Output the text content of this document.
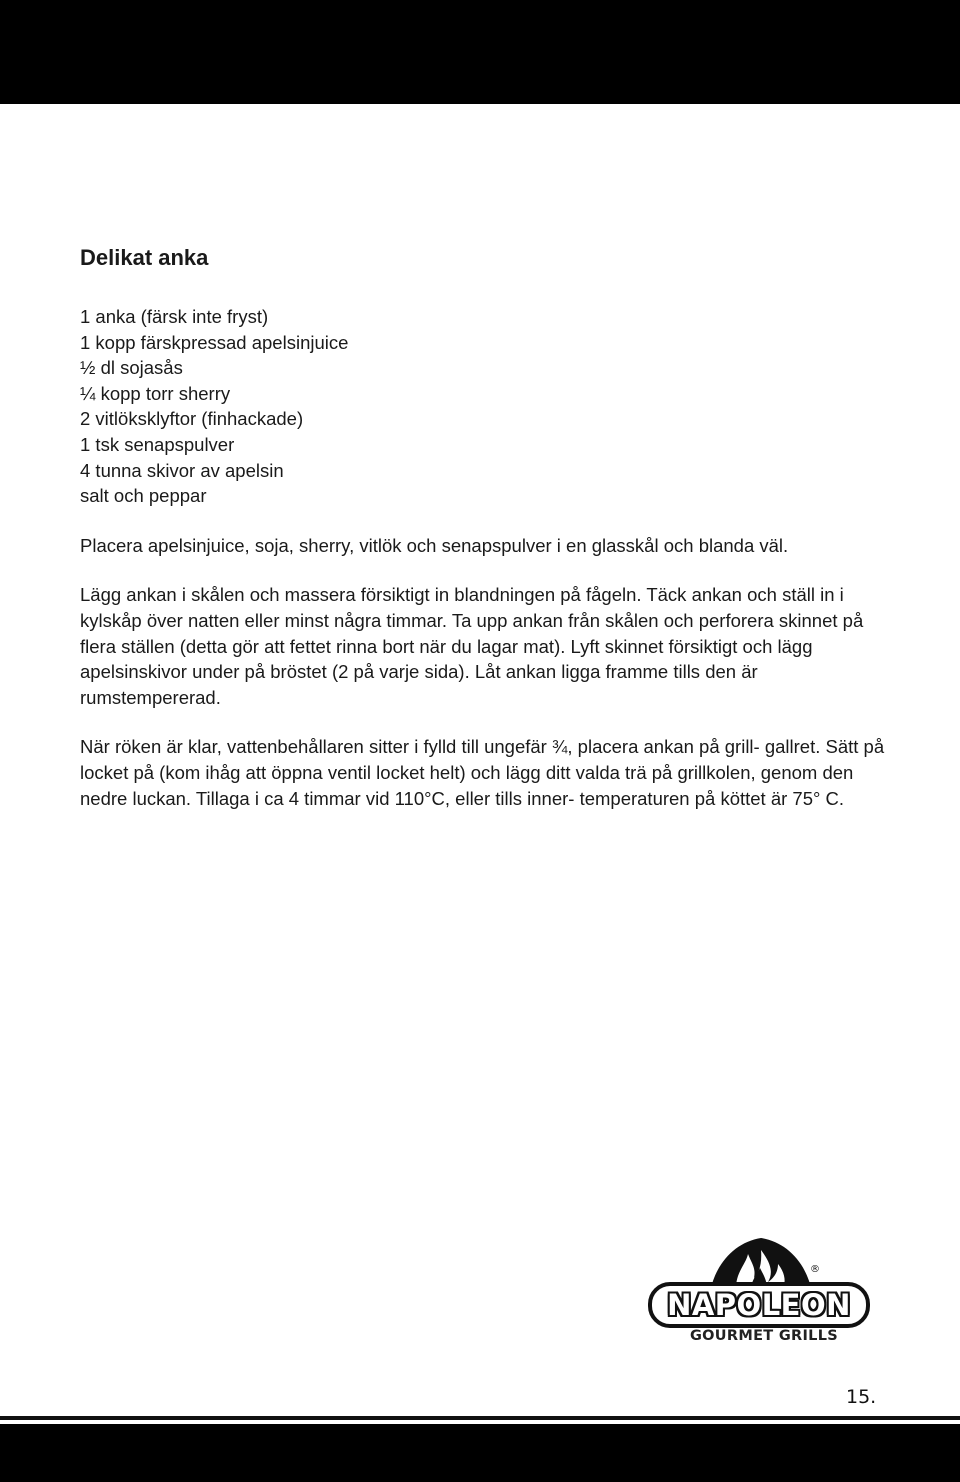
Delikat anka
1 anka (färsk inte fryst)
1 kopp färskpressad apelsinjuice
½ dl sojasås
¼ kopp torr sherry
2 vitlöksklyftor (finhackade)
1 tsk senapspulver
4 tunna skivor av apelsin
salt och peppar

Placera apelsinjuice, soja, sherry, vitlök och senapspulver i en glasskål och blanda väl.

Lägg ankan i skålen och massera försiktigt in blandningen på fågeln. Täck ankan och ställ in i kylskåp över natten eller minst några timmar. Ta upp ankan från skålen och perforera skinnet på flera ställen (detta gör att fettet rinna bort när du lagar mat). Lyft skinnet försiktigt och lägg apelsinskivor under på bröstet (2 på varje sida). Låt ankan ligga framme tills den är rumstempererad.

När röken är klar, vattenbehållaren sitter i fylld till ungefär ¾, placera ankan på grill- gallret. Sätt på locket på (kom ihåg att öppna ventil locket helt) och lägg ditt valda trä på grillkolen, genom den nedre luckan. Tillaga i ca 4 timmar vid 110°C, eller tills inner- temperaturen på köttet är 75° C.

®
NAPOLEON
GOURMET GRILLS
15.
